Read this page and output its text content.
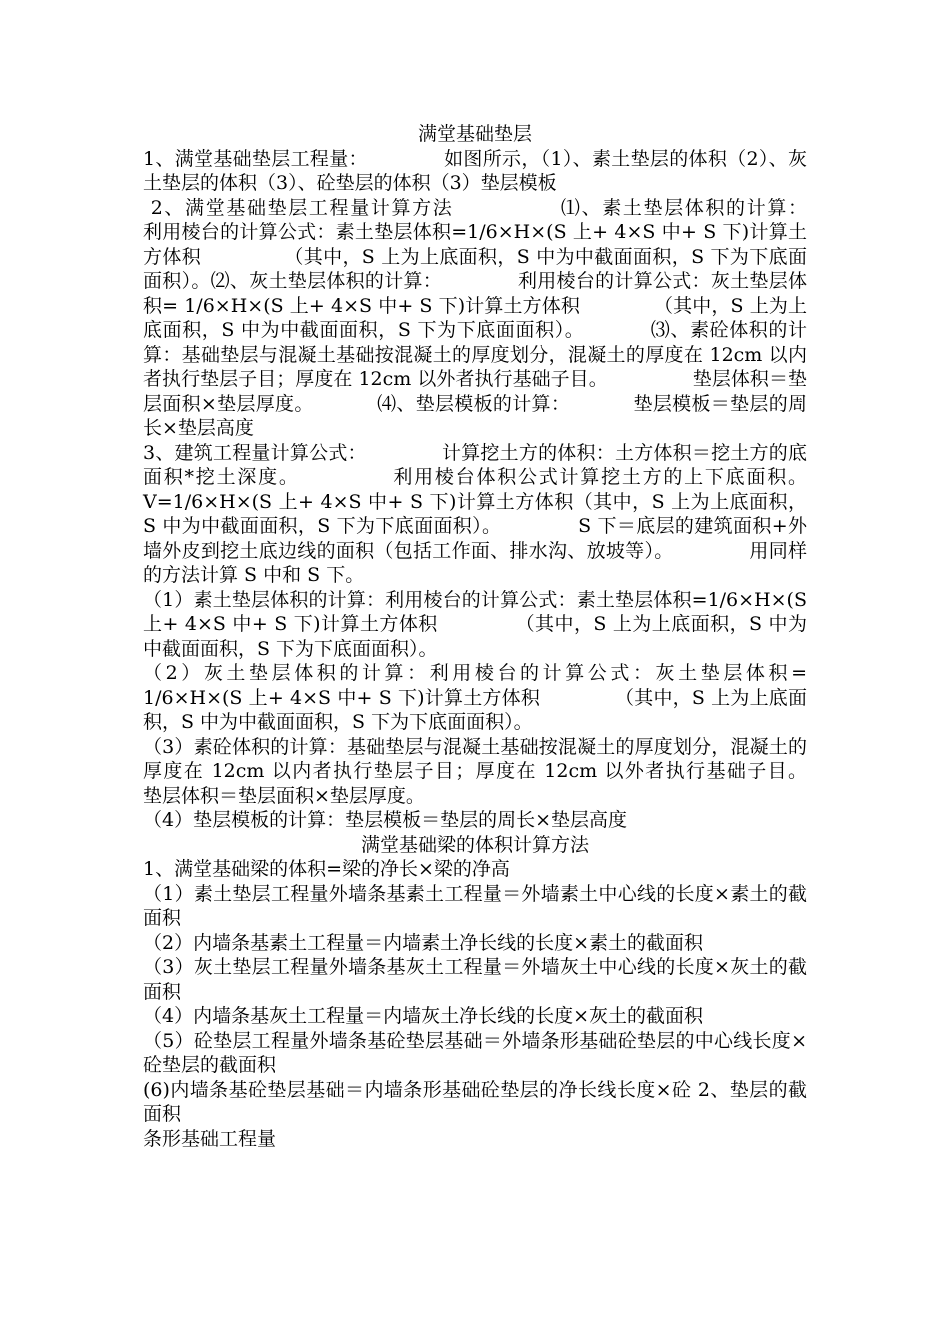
满堂基础垫层

1、满堂基础垫层工程量：            如图所示，（1）、素土垫层的体积（2）、灰土垫层的体积（3）、砼垫层的体积（3）垫层模板

2、满堂基础垫层工程量计算方法              ⑴、素土垫层体积的计算：         利用棱台的计算公式：素土垫层体积=1/6×H×(S 上+ 4×S 中+ S 下)计算土方体积             （其中，S 上为上底面积，S 中为中截面面积，S 下为下底面面积）。⑵、灰土垫层体积的计算：            利用棱台的计算公式：灰土垫层体积= 1/6×H×(S 上+ 4×S 中+ S 下)计算土方体积            （其中，S 上为上底面积，S 中为中截面面积，S 下为下底面面积）。          ⑶、素砼体积的计算：基础垫层与混凝土基础按混凝土的厚度划分，混凝土的厚度在 12cm 以内者执行垫层子目；厚度在 12cm 以外者执行基础子目。              垫层体积＝垫层面积×垫层厚度。          ⑷、垫层模板的计算：          垫层模板＝垫层的周长×垫层高度

3、建筑工程量计算公式：            计算挖土方的体积：土方体积＝挖土方的底面积*挖土深度。            利用棱台体积公式计算挖土方的上下底面积。        V=1/6×H×(S 上+ 4×S 中+ S 下)计算土方体积（其中，S 上为上底面积，S 中为中截面面积，S 下为下底面面积）。            S 下＝底层的建筑面积+外墙外皮到挖土底边线的面积（包括工作面、排水沟、放坡等）。            用同样的方法计算 S 中和 S 下。

（1）素土垫层体积的计算：利用棱台的计算公式：素土垫层体积=1/6×H×(S 上+ 4×S 中+ S 下)计算土方体积            （其中，S 上为上底面积，S 中为中截面面积，S 下为下底面面积）。

（2）灰土垫层体积的计算：利用棱台的计算公式：灰土垫层体积= 1/6×H×(S 上+ 4×S 中+ S 下)计算土方体积            （其中，S 上为上底面积，S 中为中截面面积，S 下为下底面面积）。

（3）素砼体积的计算：基础垫层与混凝土基础按混凝土的厚度划分，混凝土的厚度在 12cm 以内者执行垫层子目；厚度在 12cm 以外者执行基础子目。            垫层体积＝垫层面积×垫层厚度。

（4）垫层模板的计算：垫层模板＝垫层的周长×垫层高度

满堂基础梁的体积计算方法

1、满堂基础梁的体积=梁的净长×梁的净高

（1）素土垫层工程量外墙条基素土工程量＝外墙素土中心线的长度×素土的截面积

（2）内墙条基素土工程量＝内墙素土净长线的长度×素土的截面积

（3）灰土垫层工程量外墙条基灰土工程量＝外墙灰土中心线的长度×灰土的截面积

（4）内墙条基灰土工程量＝内墙灰土净长线的长度×灰土的截面积

（5）砼垫层工程量外墙条基砼垫层基础＝外墙条形基础砼垫层的中心线长度×砼垫层的截面积

(6)内墙条基砼垫层基础＝内墙条形基础砼垫层的净长线长度×砼 2、垫层的截面积

条形基础工程量
